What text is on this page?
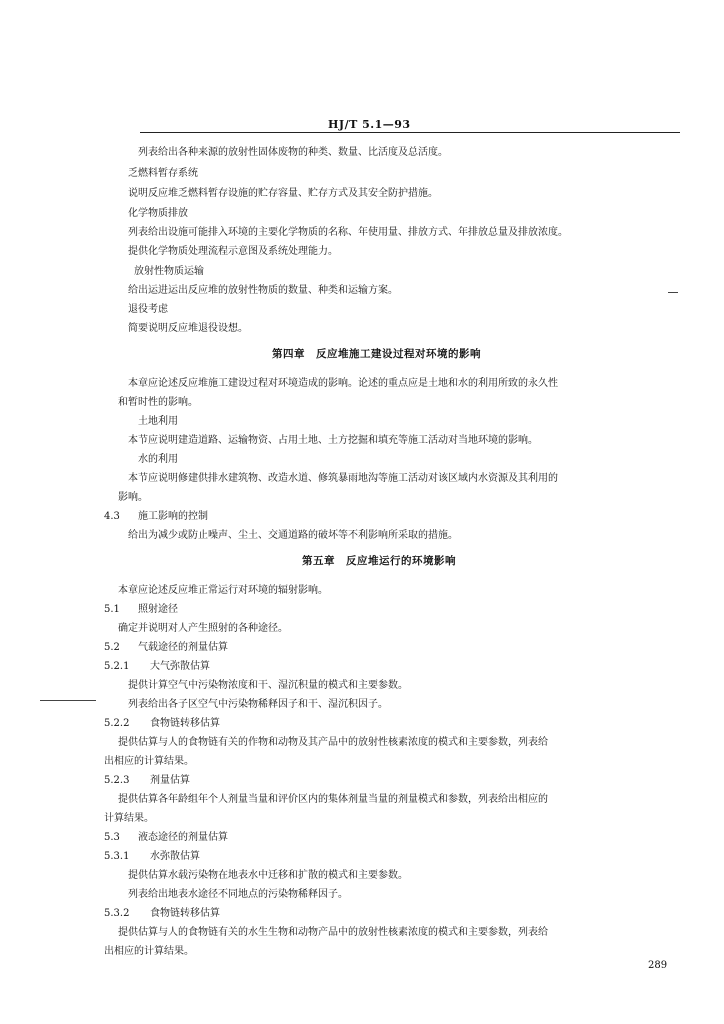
HJ/T 5.1—93
列表给出各种来源的放射性固体废物的种类、数量、比活度及总活度。
乏燃料暂存系统
说明反应堆乏燃料暂存设施的贮存容量、贮存方式及其安全防护措施。
化学物质排放
列表给出设施可能排入环境的主要化学物质的名称、年使用量、排放方式、年排放总量及排放浓度。
提供化学物质处理流程示意图及系统处理能力。
放射性物质运输
给出运进运出反应堆的放射性物质的数量、种类和运输方案。
退役考虑
简要说明反应堆退役设想。
本章应论述反应堆施工建设过程对环境造成的影响。论述的重点应是土地和水的利用所致的永久性
和暂时性的影响。
土地利用
本节应说明建造道路、运输物资、占用土地、土方挖掘和填充等施工活动对当地环境的影响。
水的利用
本节应说明修建供排水建筑物、改造水道、修筑暴雨地沟等施工活动对该区域内水资源及其利用的
影响。
4.3 施工影响的控制
给出为减少或防止噪声、尘土、交通道路的破坏等不利影响所采取的措施。
本章应论述反应堆正常运行对环境的辐射影响。
5.1 照射途径
确定并说明对人产生照射的各种途径。
5.2 气载途径的剂量估算
5.2.1 大气弥散估算
提供计算空气中污染物浓度和干、湿沉积量的模式和主要参数。
列表给出各子区空气中污染物稀释因子和干、湿沉积因子。
5.2.2 食物链转移估算
提供估算与人的食物链有关的作物和动物及其产品中的放射性核素浓度的模式和主要参数，列表给
出相应的计算结果。
5.2.3 剂量估算
提供估算各年龄组年个人剂量当量和评价区内的集体剂量当量的剂量模式和参数，列表给出相应的
计算结果。
5.3 液态途径的剂量估算
5.3.1 水弥散估算
提供估算水载污染物在地表水中迁移和扩散的模式和主要参数。
列表给出地表水途径不同地点的污染物稀释因子。
5.3.2 食物链转移估算
提供估算与人的食物链有关的水生生物和动物产品中的放射性核素浓度的模式和主要参数，列表给
出相应的计算结果。
第四章　反应堆施工建设过程对环境的影响
第五章　反应堆运行的环境影响
289
